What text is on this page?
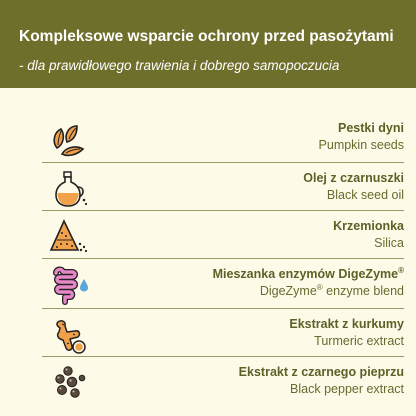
Kompleksowe wsparcie ochrony przed pasożytami
- dla prawidłowego trawienia i dobrego samopoczucia
Pestki dyni
Pumpkin seeds
Olej z czarnuszki
Black seed oil
Krzemionka
Silica
Mieszanka enzymów DigeZyme®
DigeZyme® enzyme blend
Ekstrakt z kurkumy
Turmeric extract
Ekstrakt z czarnego pieprzu
Black pepper extract
